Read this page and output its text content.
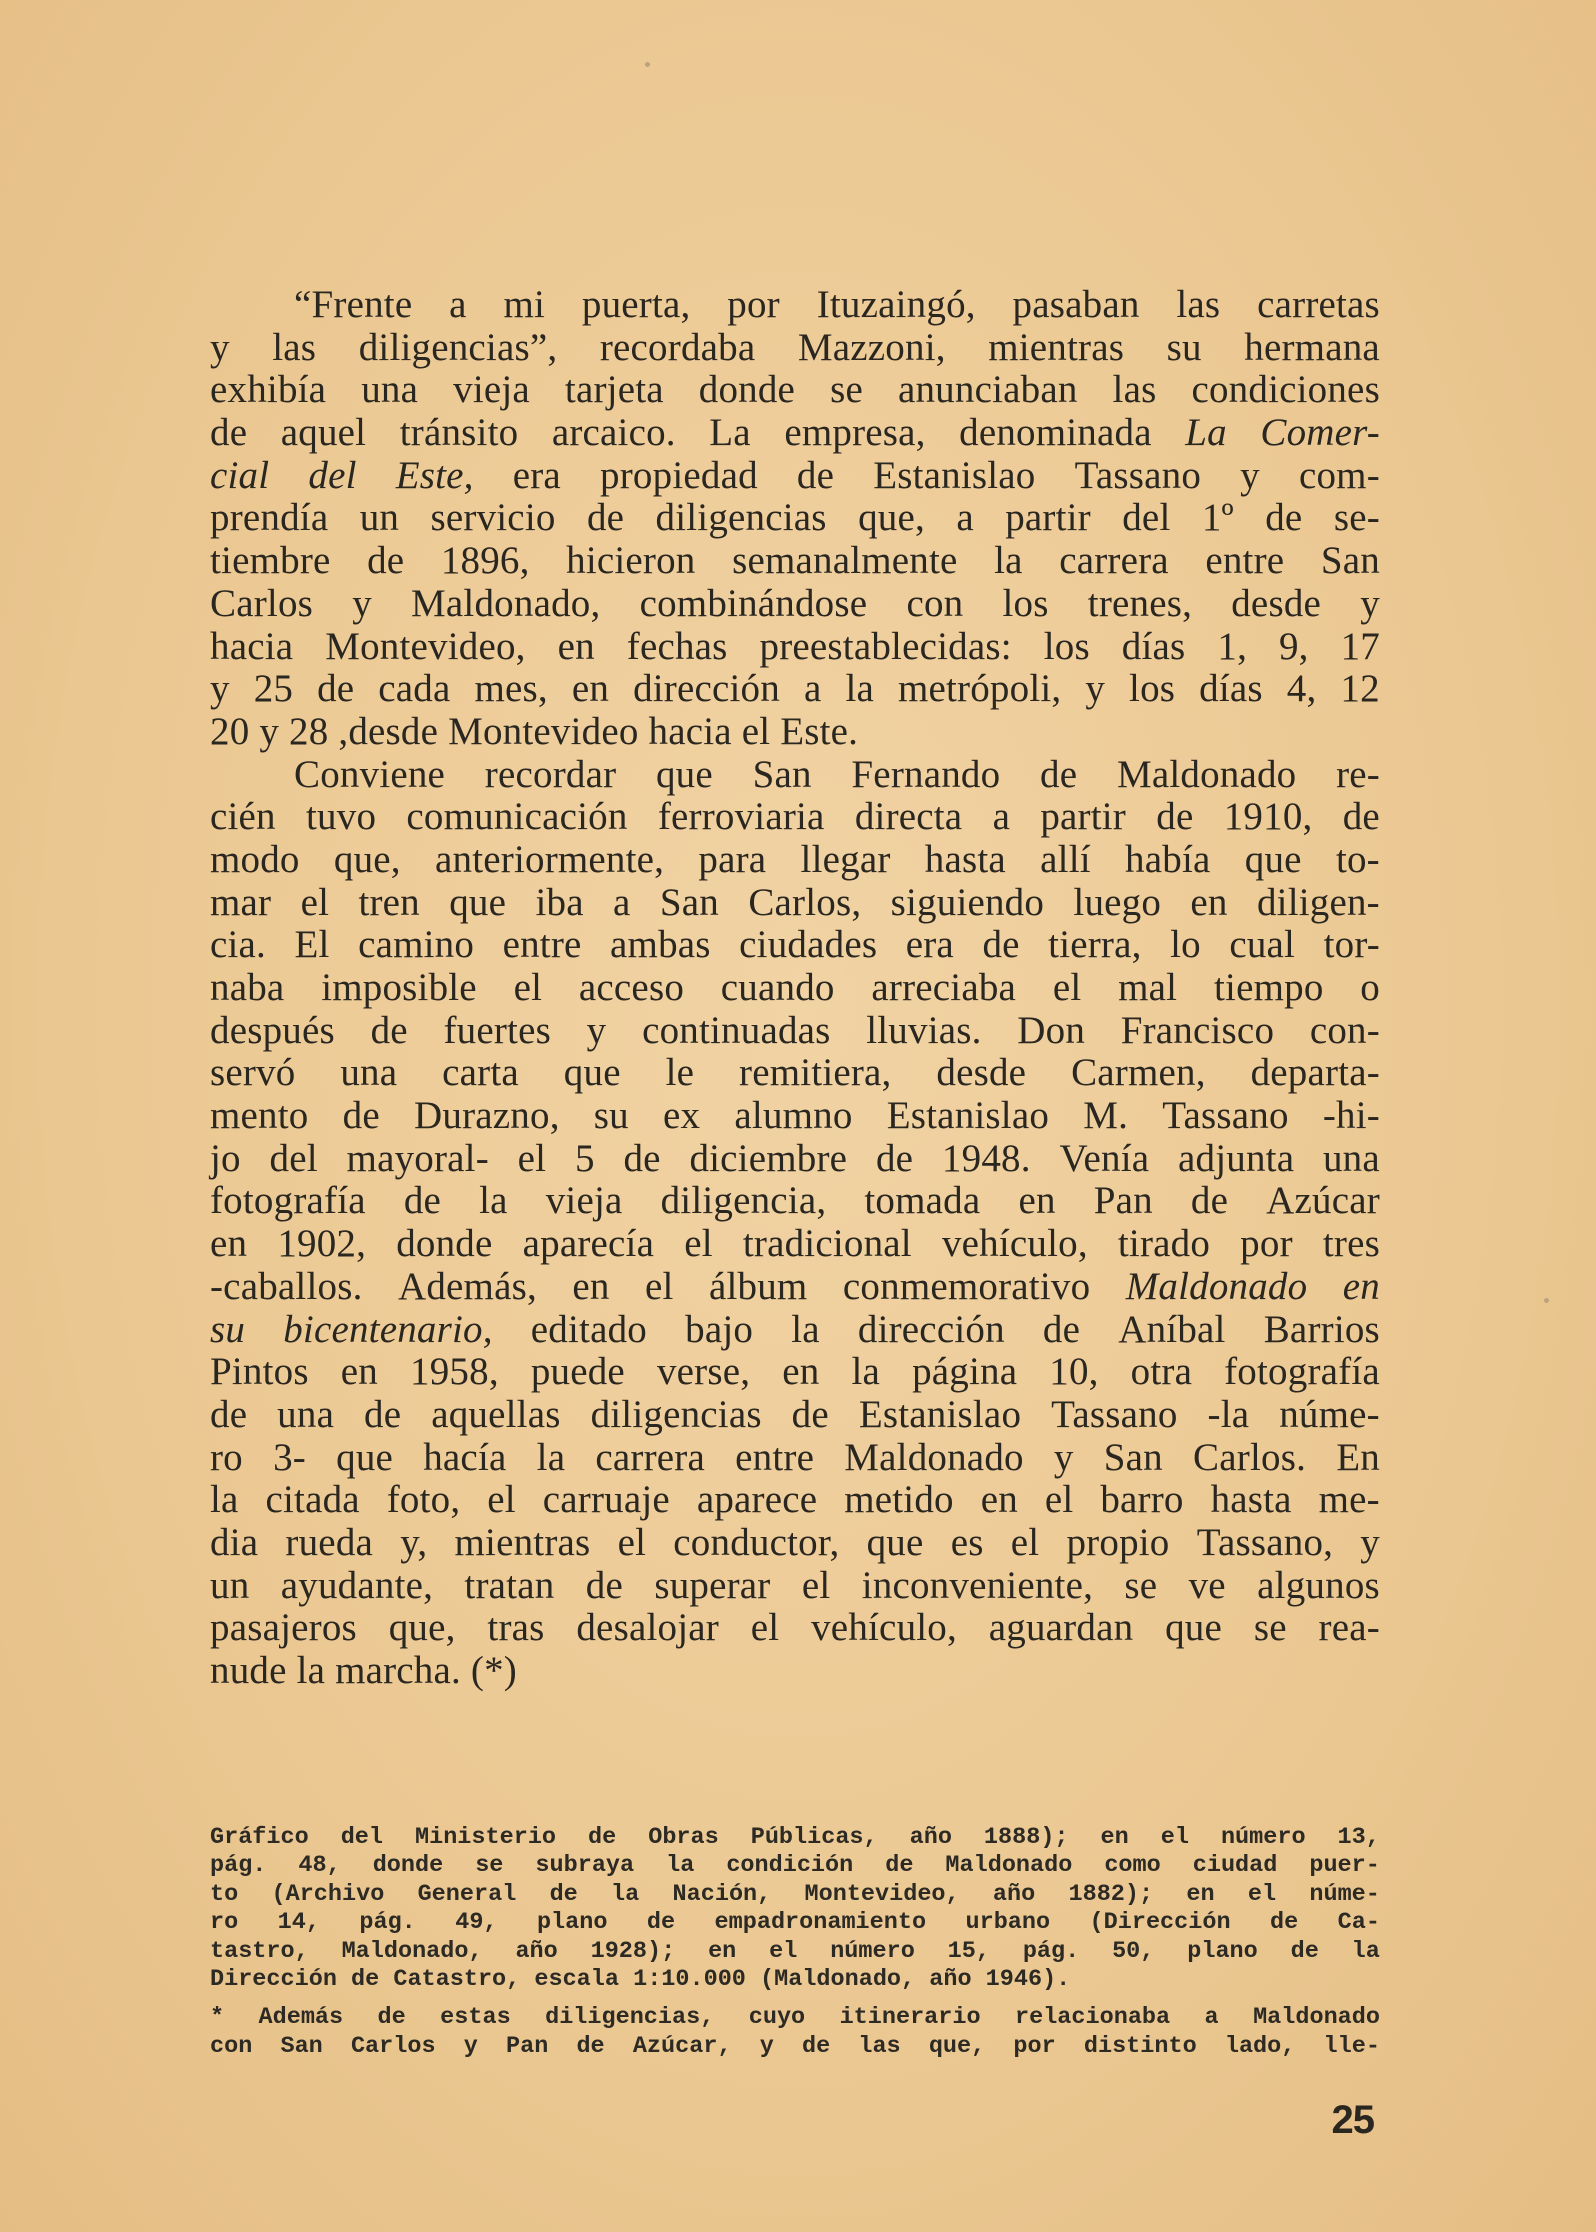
“Frente a mi puerta, por Ituzaingó, pasaban las carretas
y las diligencias”, recordaba Mazzoni, mientras su hermana
exhibía una vieja tarjeta donde se anunciaban las condiciones
de aquel tránsito arcaico. La empresa, denominada La Comer-
cial del Este, era propiedad de Estanislao Tassano y com-
prendía un servicio de diligencias que, a partir del 1º de se-
tiembre de 1896, hicieron semanalmente la carrera entre San
Carlos y Maldonado, combinándose con los trenes, desde y
hacia Montevideo, en fechas preestablecidas: los días 1, 9, 17
y 25 de cada mes, en dirección a la metrópoli, y los días 4, 12
20 y 28 ,desde Montevideo hacia el Este.
Conviene recordar que San Fernando de Maldonado re-
cién tuvo comunicación ferroviaria directa a partir de 1910, de
modo que, anteriormente, para llegar hasta allí había que to-
mar el tren que iba a San Carlos, siguiendo luego en diligen-
cia. El camino entre ambas ciudades era de tierra, lo cual tor-
naba imposible el acceso cuando arreciaba el mal tiempo o
después de fuertes y continuadas lluvias. Don Francisco con-
servó una carta que le remitiera, desde Carmen, departa-
mento de Durazno, su ex alumno Estanislao M. Tassano -hi-
jo del mayoral- el 5 de diciembre de 1948. Venía adjunta una
fotografía de la vieja diligencia, tomada en Pan de Azúcar
en 1902, donde aparecía el tradicional vehículo, tirado por tres
-caballos. Además, en el álbum conmemorativo Maldonado en
su bicentenario, editado bajo la dirección de Aníbal Barrios
Pintos en 1958, puede verse, en la página 10, otra fotografía
de una de aquellas diligencias de Estanislao Tassano -la núme-
ro 3- que hacía la carrera entre Maldonado y San Carlos. En
la citada foto, el carruaje aparece metido en el barro hasta me-
dia rueda y, mientras el conductor, que es el propio Tassano, y
un ayudante, tratan de superar el inconveniente, se ve algunos
pasajeros que, tras desalojar el vehículo, aguardan que se rea-
nude la marcha. (*)
Gráfico del Ministerio de Obras Públicas, año 1888); en el número 13,
pág. 48, donde se subraya la condición de Maldonado como ciudad puer-
to (Archivo General de la Nación, Montevideo, año 1882); en el núme-
ro 14, pág. 49, plano de empadronamiento urbano (Dirección de Ca-
tastro, Maldonado, año 1928); en el número 15, pág. 50, plano de la
Dirección de Catastro, escala 1:10.000 (Maldonado, año 1946).
* Además de estas diligencias, cuyo itinerario relacionaba a Maldonado
con San Carlos y Pan de Azúcar, y de las que, por distinto lado, lle-
25
